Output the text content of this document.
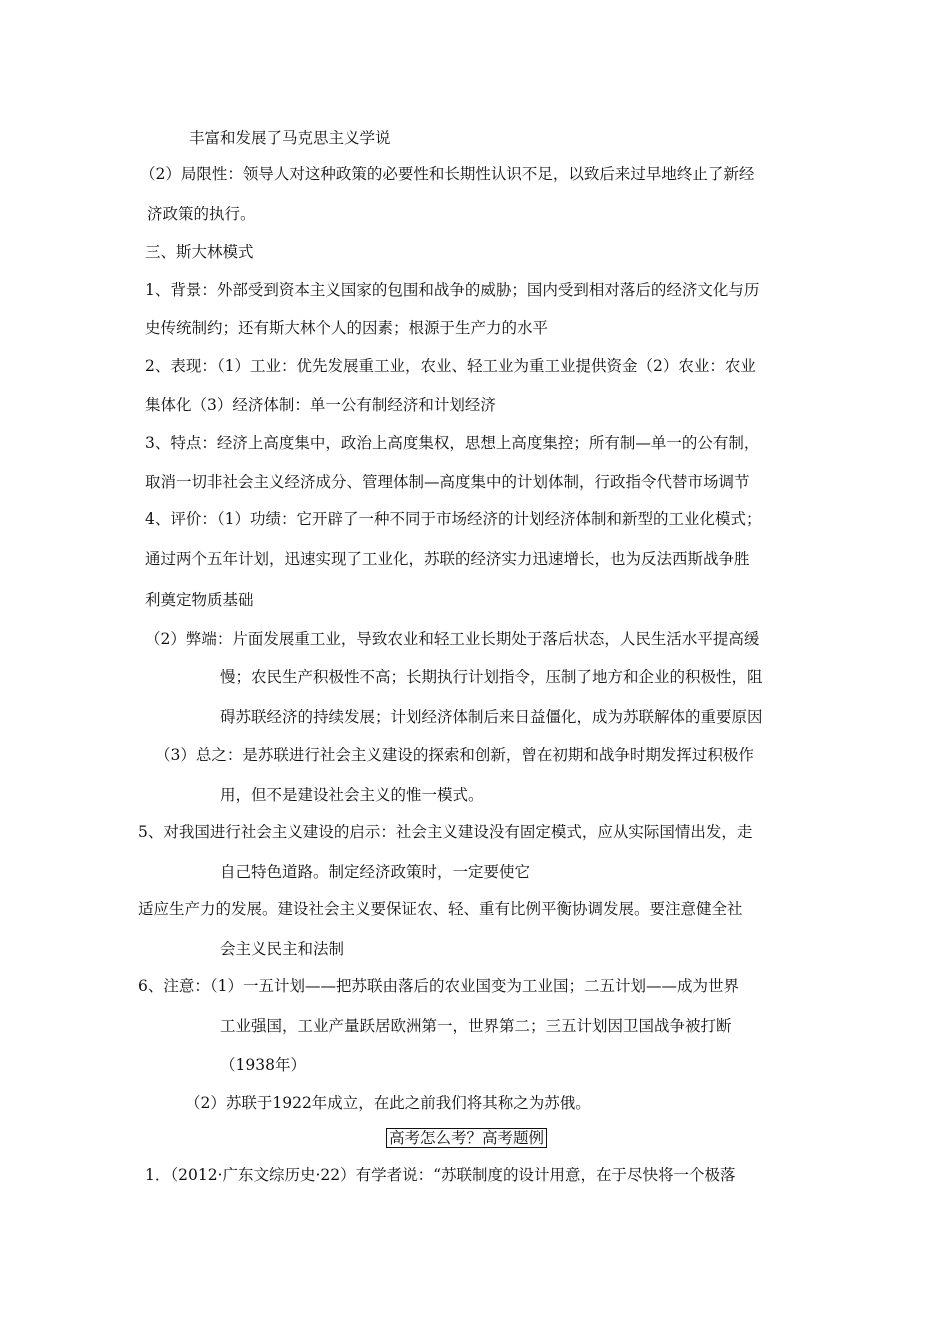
丰富和发展了马克思主义学说
（2）局限性：领导人对这种政策的必要性和长期性认识不足，以致后来过早地终止了新经
济政策的执行。
三、斯大林模式
1、背景：外部受到资本主义国家的包围和战争的威胁；国内受到相对落后的经济文化与历
史传统制约；还有斯大林个人的因素；根源于生产力的水平
2、表现：（1）工业：优先发展重工业，农业、轻工业为重工业提供资金（2）农业：农业
集体化（3）经济体制：单一公有制经济和计划经济
3、特点：经济上高度集中，政治上高度集权，思想上高度集控；所有制—单一的公有制，
取消一切非社会主义经济成分、管理体制—高度集中的计划体制，行政指令代替市场调节
4、评价：（1）功绩：它开辟了一种不同于市场经济的计划经济体制和新型的工业化模式；
通过两个五年计划，迅速实现了工业化，苏联的经济实力迅速增长，也为反法西斯战争胜
利奠定物质基础
（2）弊端：片面发展重工业，导致农业和轻工业长期处于落后状态，人民生活水平提高缓
慢；农民生产积极性不高；长期执行计划指令，压制了地方和企业的积极性，阻
碍苏联经济的持续发展；计划经济体制后来日益僵化，成为苏联解体的重要原因
（3）总之：是苏联进行社会主义建设的探索和创新，曾在初期和战争时期发挥过积极作
用，但不是建设社会主义的惟一模式。
5、对我国进行社会主义建设的启示：社会主义建设没有固定模式，应从实际国情出发，走
自己特色道路。制定经济政策时，一定要使它
适应生产力的发展。建设社会主义要保证农、轻、重有比例平衡协调发展。要注意健全社
会主义民主和法制
6、注意：（1）一五计划——把苏联由落后的农业国变为工业国；二五计划——成为世界
工业强国，工业产量跃居欧洲第一，世界第二；三五计划因卫国战争被打断
（1938年）
（2）苏联于1922年成立，在此之前我们将其称之为苏俄。
高考怎么考？高考题例
1．（2012·广东文综历史·22）有学者说：“苏联制度的设计用意，在于尽快将一个极落
